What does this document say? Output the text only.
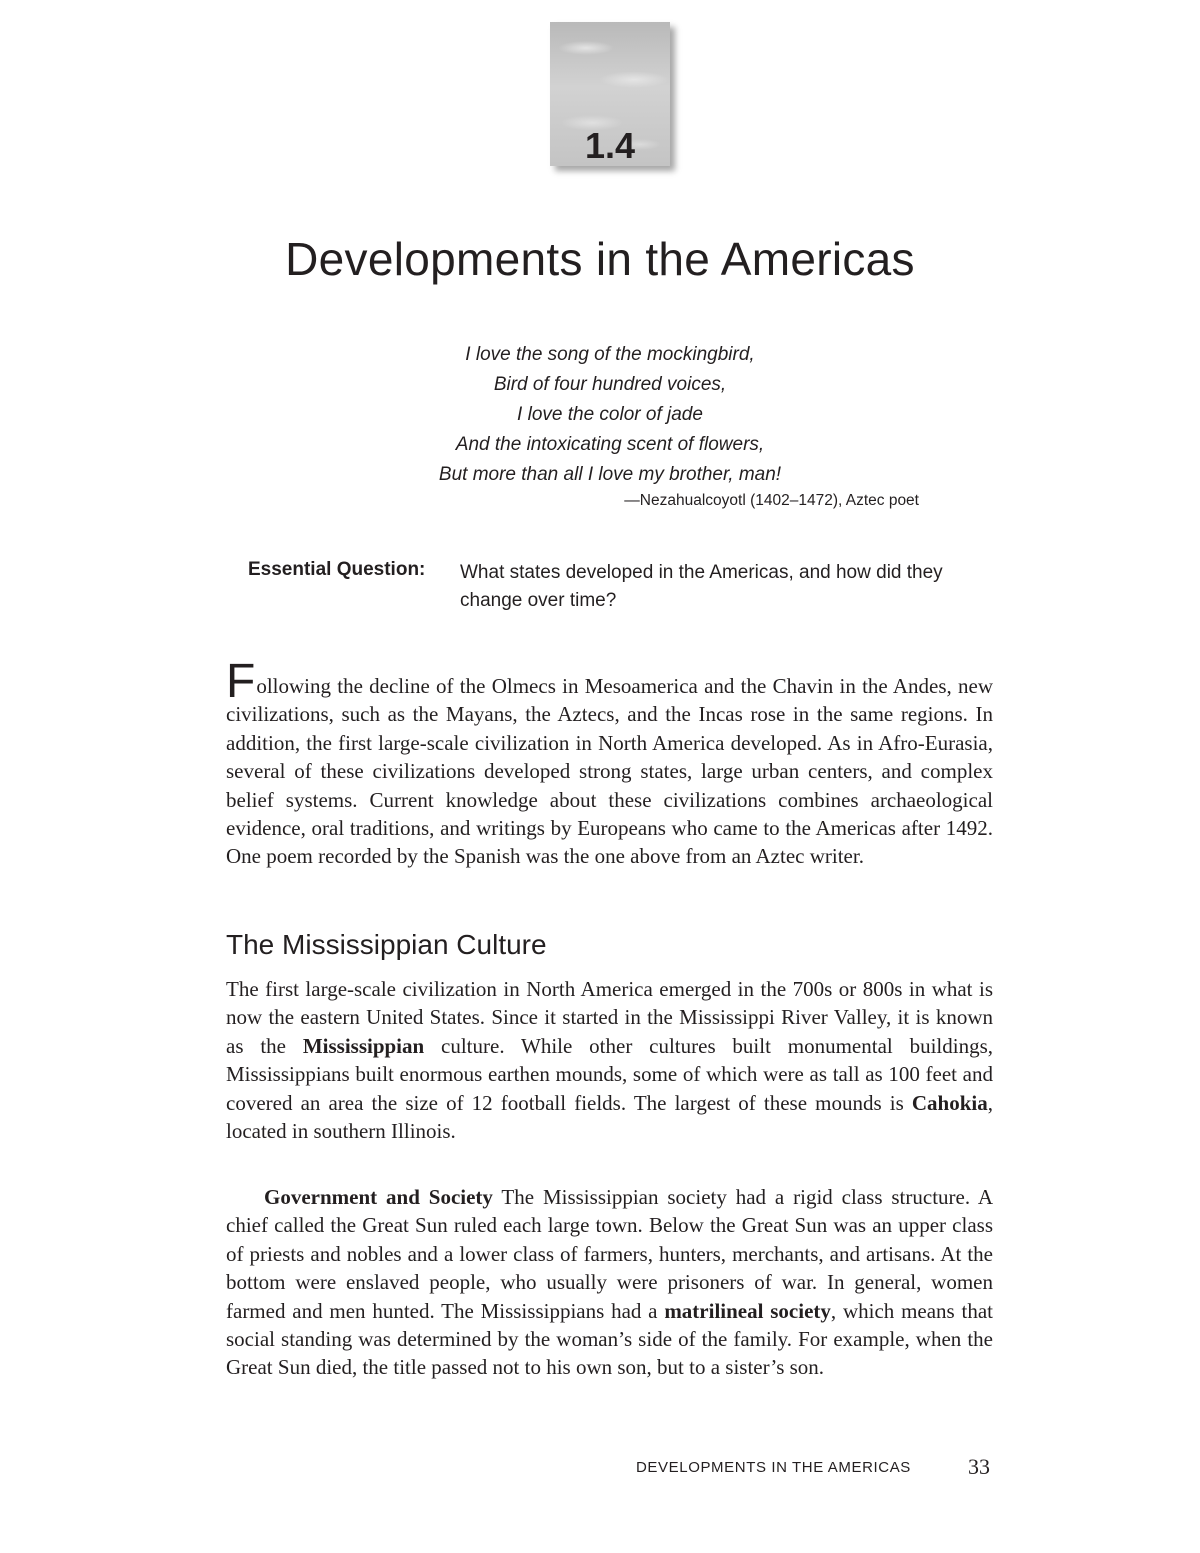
1.4
Developments in the Americas
I love the song of the mockingbird,
Bird of four hundred voices,
I love the color of jade
And the intoxicating scent of flowers,
But more than all I love my brother, man!
—Nezahualcoyotl (1402–1472), Aztec poet
Essential Question: What states developed in the Americas, and how did they change over time?

Following the decline of the Olmecs in Mesoamerica and the Chavin in the Andes, new civilizations, such as the Mayans, the Aztecs, and the Incas rose in the same regions. In addition, the first large-scale civilization in North America developed. As in Afro-Eurasia, several of these civilizations developed strong states, large urban centers, and complex belief systems. Current knowledge about these civilizations combines archaeological evidence, oral traditions, and writings by Europeans who came to the Americas after 1492. One poem recorded by the Spanish was the one above from an Aztec writer.

The Mississippian Culture

The first large-scale civilization in North America emerged in the 700s or 800s in what is now the eastern United States. Since it started in the Mississippi River Valley, it is known as the Mississippian culture. While other cultures built monumental buildings, Mississippians built enormous earthen mounds, some of which were as tall as 100 feet and covered an area the size of 12 football fields. The largest of these mounds is Cahokia, located in southern Illinois.

Government and Society The Mississippian society had a rigid class structure. A chief called the Great Sun ruled each large town. Below the Great Sun was an upper class of priests and nobles and a lower class of farmers, hunters, merchants, and artisans. At the bottom were enslaved people, who usually were prisoners of war. In general, women farmed and men hunted. The Mississippians had a matrilineal society, which means that social standing was determined by the woman’s side of the family. For example, when the Great Sun died, the title passed not to his own son, but to a sister’s son.

DEVELOPMENTS IN THE AMERICAS	33
